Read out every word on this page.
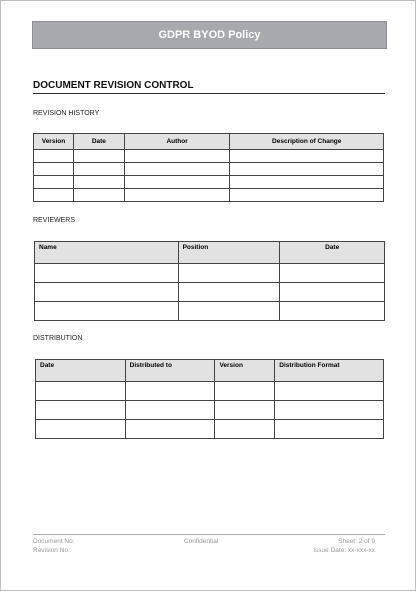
GDPR BYOD Policy
DOCUMENT REVISION CONTROL
REVISION HISTORY
Version	Date	Author	Description of Change

REVIEWERS
Name	Position	Date

DISTRIBUTION
Date	Distributed to	Version	Distribution Format

Document No:
Revision No:
Confidential	Sheet: 2 of 9
Issue Date: xx-xxx-xx
